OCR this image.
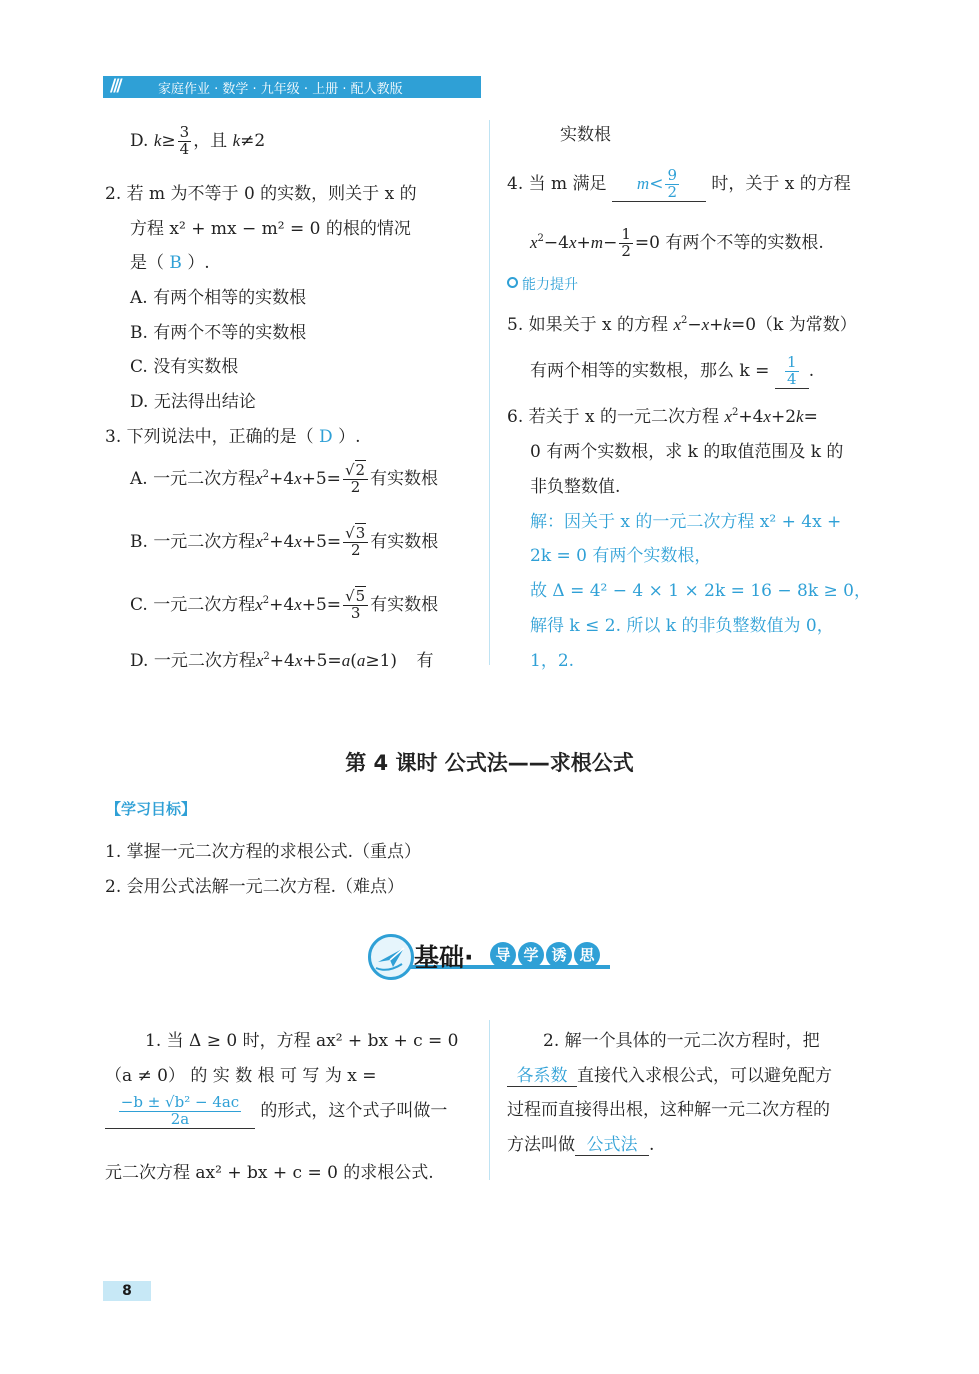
///	家庭作业 · 数学 · 九年级 · 上册 · 配人教版
D. $k\ge \frac{3}{4}$ ，且 k≠2
2. 若 m 为不等于 0 的实数，则关于 x 的
方程 x² + mx − m² = 0 的根的情况
是（ B ）.
A. 有两个相等的实数根
B. 有两个不等的实数根
C. 没有实数根
D. 无法得出结论
3. 下列说法中，正确的是（ D ）.
A. 一元二次方程$x^2+4x+5= \frac{√2}{2}$ 有实数根
B. 一元二次方程$x^2+4x+5= \frac{√3}{2}$ 有实数根
C. 一元二次方程$x^2+4x+5= \frac{√5}{3}$ 有实数根
D. 一元二次方程$x^2+4x+5=a(a\ge 1)$ 有
实数根
4. 当 m 满足 $m< \frac{9}{2}$ 时，关于 x 的方程
$x^2-4x+m- \frac{1}{2} =0$ 有两个不等的实数根.
能力提升
5. 如果关于 x 的方程 $x^2-x+k=0(k$ 为常数）
有两个相等的实数根，那么 $k = \frac{1}{4}$ .
6. 若关于 x 的一元二次方程 $x^2+4x+2k=$
0 有两个实数根，求 k 的取值范围及 k 的
非负整数值.
解：因关于 x 的一元二次方程 x² + 4x +
2k = 0 有两个实数根，
故 Δ = 4² − 4 × 1 × 2k = 16 − 8k ≥ 0，
解得 k ≤ 2. 所以 k 的非负整数值为 0，
1，2.
第 4 课时 公式法——求根公式
【学习目标】
1. 掌握一元二次方程的求根公式.（重点）
2. 会用公式法解一元二次方程.（难点）
基础·	导 学 诱 思
1. 当 Δ ≥ 0 时，方程 ax² + bx + c = 0
（a ≠ 0） 的 实 数 根 可 写 为 x =
$\frac{\text{−b ± √b² − 4ac}}{2a}$ 的形式，这个式子叫做一
元二次方程 ax² + bx + c = 0 的求根公式.
2. 解一个具体的一元二次方程时，把
各系数 直接代入求根公式，可以避免配方
过程而直接得出根，这种解一元二次方程的
方法叫做 公式法 .
8
